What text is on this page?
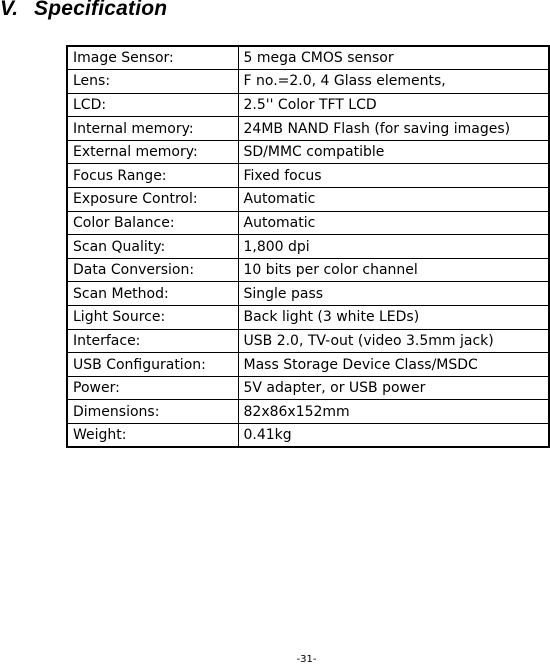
V. Specification
Image Sensor:	5 mega CMOS sensor
Lens:	F no.=2.0, 4 Glass elements,
LCD:	2.5'' Color TFT LCD
Internal memory:	24MB NAND Flash (for saving images)
External memory:	SD/MMC compatible
Focus Range:	Fixed focus
Exposure Control:	Automatic
Color Balance:	Automatic
Scan Quality:	1,800 dpi
Data Conversion:	10 bits per color channel
Scan Method:	Single pass
Light Source:	Back light (3 white LEDs)
Interface:	USB 2.0, TV-out (video 3.5mm jack)
USB Configuration:	Mass Storage Device Class/MSDC
Power:	5V adapter, or USB power
Dimensions:	82x86x152mm
Weight:	0.41kg
-31-
